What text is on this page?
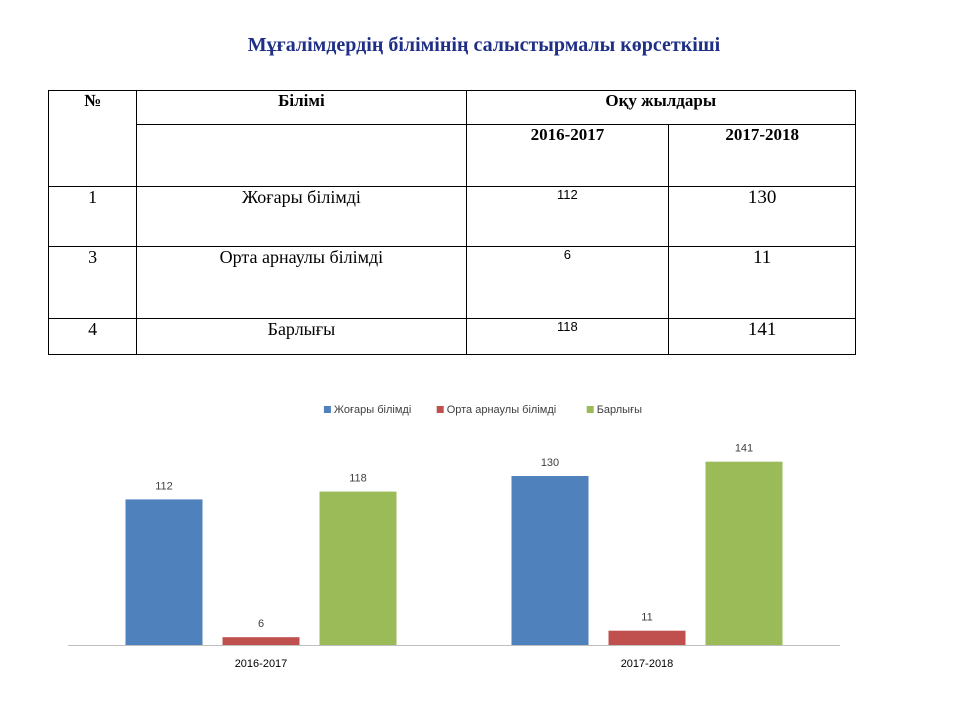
Мұғалімдердің білімінің салыстырмалы көрсеткіші
№	Білімі	Оқу жылдары	
		2016-2017	2017-2018
1	Жоғары білімді	112	130
3	Орта арнаулы білімді	6	11
4	Барлығы	118	141
Жоғары білімді	Орта арнаулы білімді	Барлығы
112
6
118
2016-2017
130
11
141
2017-2018
